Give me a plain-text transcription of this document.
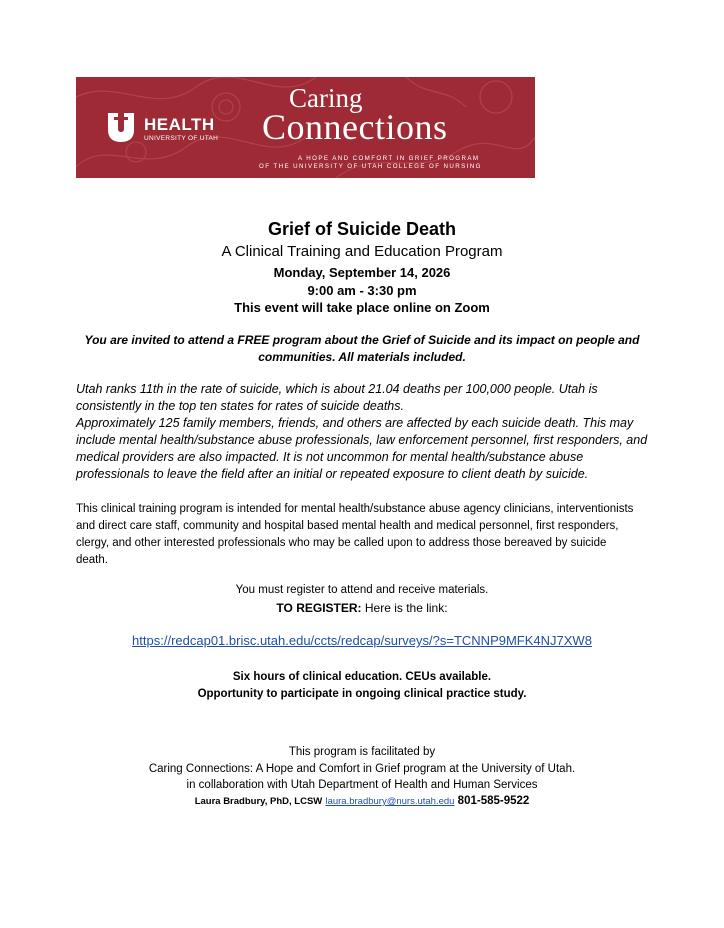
HEALTH
UNIVERSITY OF UTAH
Caring
Connections
A HOPE AND COMFORT IN GRIEF PROGRAM
OF THE UNIVERSITY OF UTAH COLLEGE OF NURSING
Grief of Suicide Death
A Clinical Training and Education Program
Monday, September 14, 2026
9:00 am - 3:30 pm
This event will take place online on Zoom
You are invited to attend a FREE program about the Grief of Suicide and its impact on people and communities. All materials included.

Utah ranks 11th in the rate of suicide, which is about 21.04 deaths per 100,000 people. Utah is consistently in the top ten states for rates of suicide deaths.

Approximately 125 family members, friends, and others are affected by each suicide death. This may include mental health/substance abuse professionals, law enforcement personnel, first responders, and medical providers are also impacted. It is not uncommon for mental health/substance abuse professionals to leave the field after an initial or repeated exposure to client death by suicide.

This clinical training program is intended for mental health/substance abuse agency clinicians, interventionists and direct care staff, community and hospital based mental health and medical personnel, first responders, clergy, and other interested professionals who may be called upon to address those bereaved by suicide death.
You must register to attend and receive materials.
TO REGISTER: Here is the link:
https://redcap01.brisc.utah.edu/ccts/redcap/surveys/?s=TCNNP9MFK4NJ7XW8
Six hours of clinical education. CEUs available.
Opportunity to participate in ongoing clinical practice study.
This program is facilitated by
Caring Connections: A Hope and Comfort in Grief program at the University of Utah.
in collaboration with Utah Department of Health and Human Services
Laura Bradbury, PhD, LCSW laura.bradbury@nurs.utah.edu 801-585-9522
